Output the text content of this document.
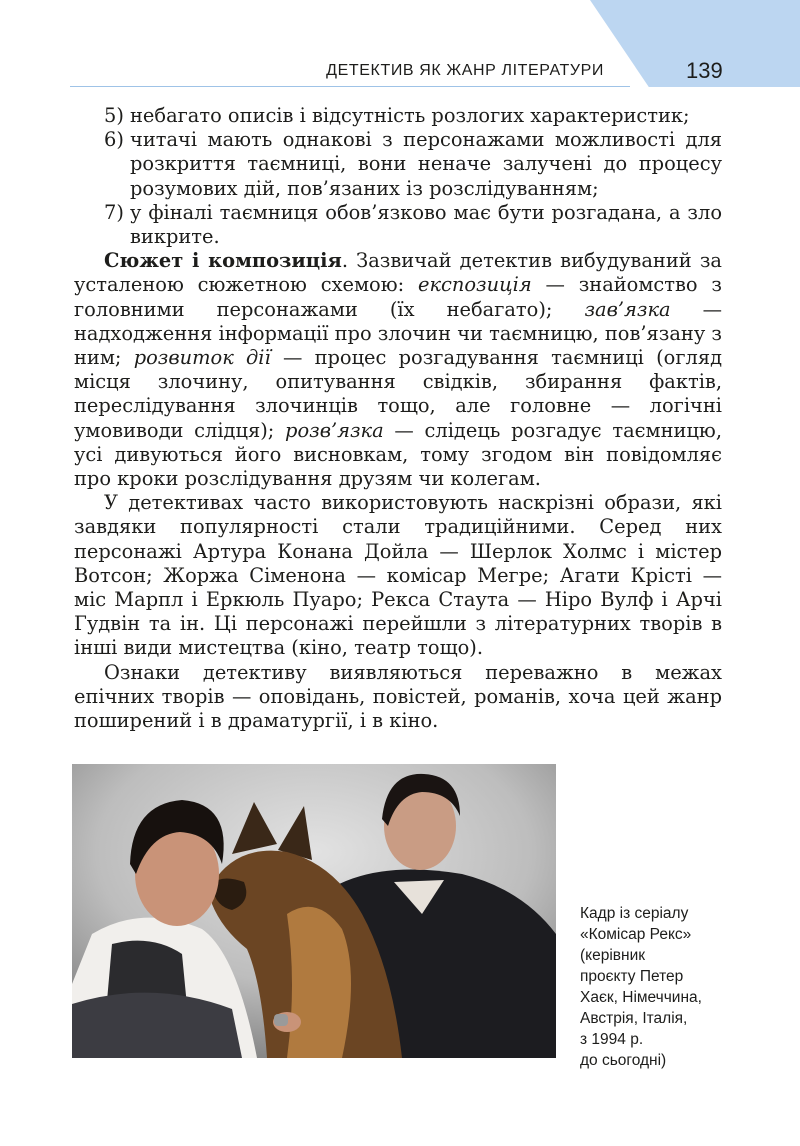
ДЕТЕКТИВ ЯК ЖАНР ЛІТЕРАТУРИ	139
5) небагато описів і відсутність розлогих характеристик;
6) читачі мають однакові з персонажами можливості для розкриття таємниці, вони неначе залучені до процесу розумових дій, пов’язаних із розслідуванням;
7) у фіналі таємниця обов’язково має бути розгадана, а зло викрите.

Сюжет і композиція. Зазвичай детектив вибудуваний за усталеною сюжетною схемою: експозиція — знайомство з головними персонажами (їх небагато); зав’язка — надходження інформації про злочин чи таємницю, пов’язану з ним; розвиток дії — процес розгадування таємниці (огляд місця злочину, опитування свідків, збирання фактів, переслідування злочинців тощо, але головне — логічні умовиводи слідця); розв’язка — слідець розгадує таємницю, усі дивуються його висновкам, тому згодом він повідомляє про кроки розслідування друзям чи колегам.

У детективах часто використовують наскрізні образи, які завдяки популярності стали традиційними. Серед них персонажі Артура Конана Дойла — Шерлок Холмс і містер Вотсон; Жоржа Сіменона — комісар Мегре; Агати Крісті — міс Марпл і Еркюль Пуаро; Рекса Стаута — Ніро Вулф і Арчі Гудвін та ін. Ці персонажі перейшли з літературних творів в інші види мистецтва (кіно, театр тощо).

Ознаки детективу виявляються переважно в межах епічних творів — оповідань, повістей, романів, хоча цей жанр поширений і в драматургії, і в кіно.

Кадр із серіалу
«Комісар Рекс»
(керівник
проєкту Петер
Хаєк, Німеччина,
Австрія, Італія,
з 1994 р.
до сьогодні)
